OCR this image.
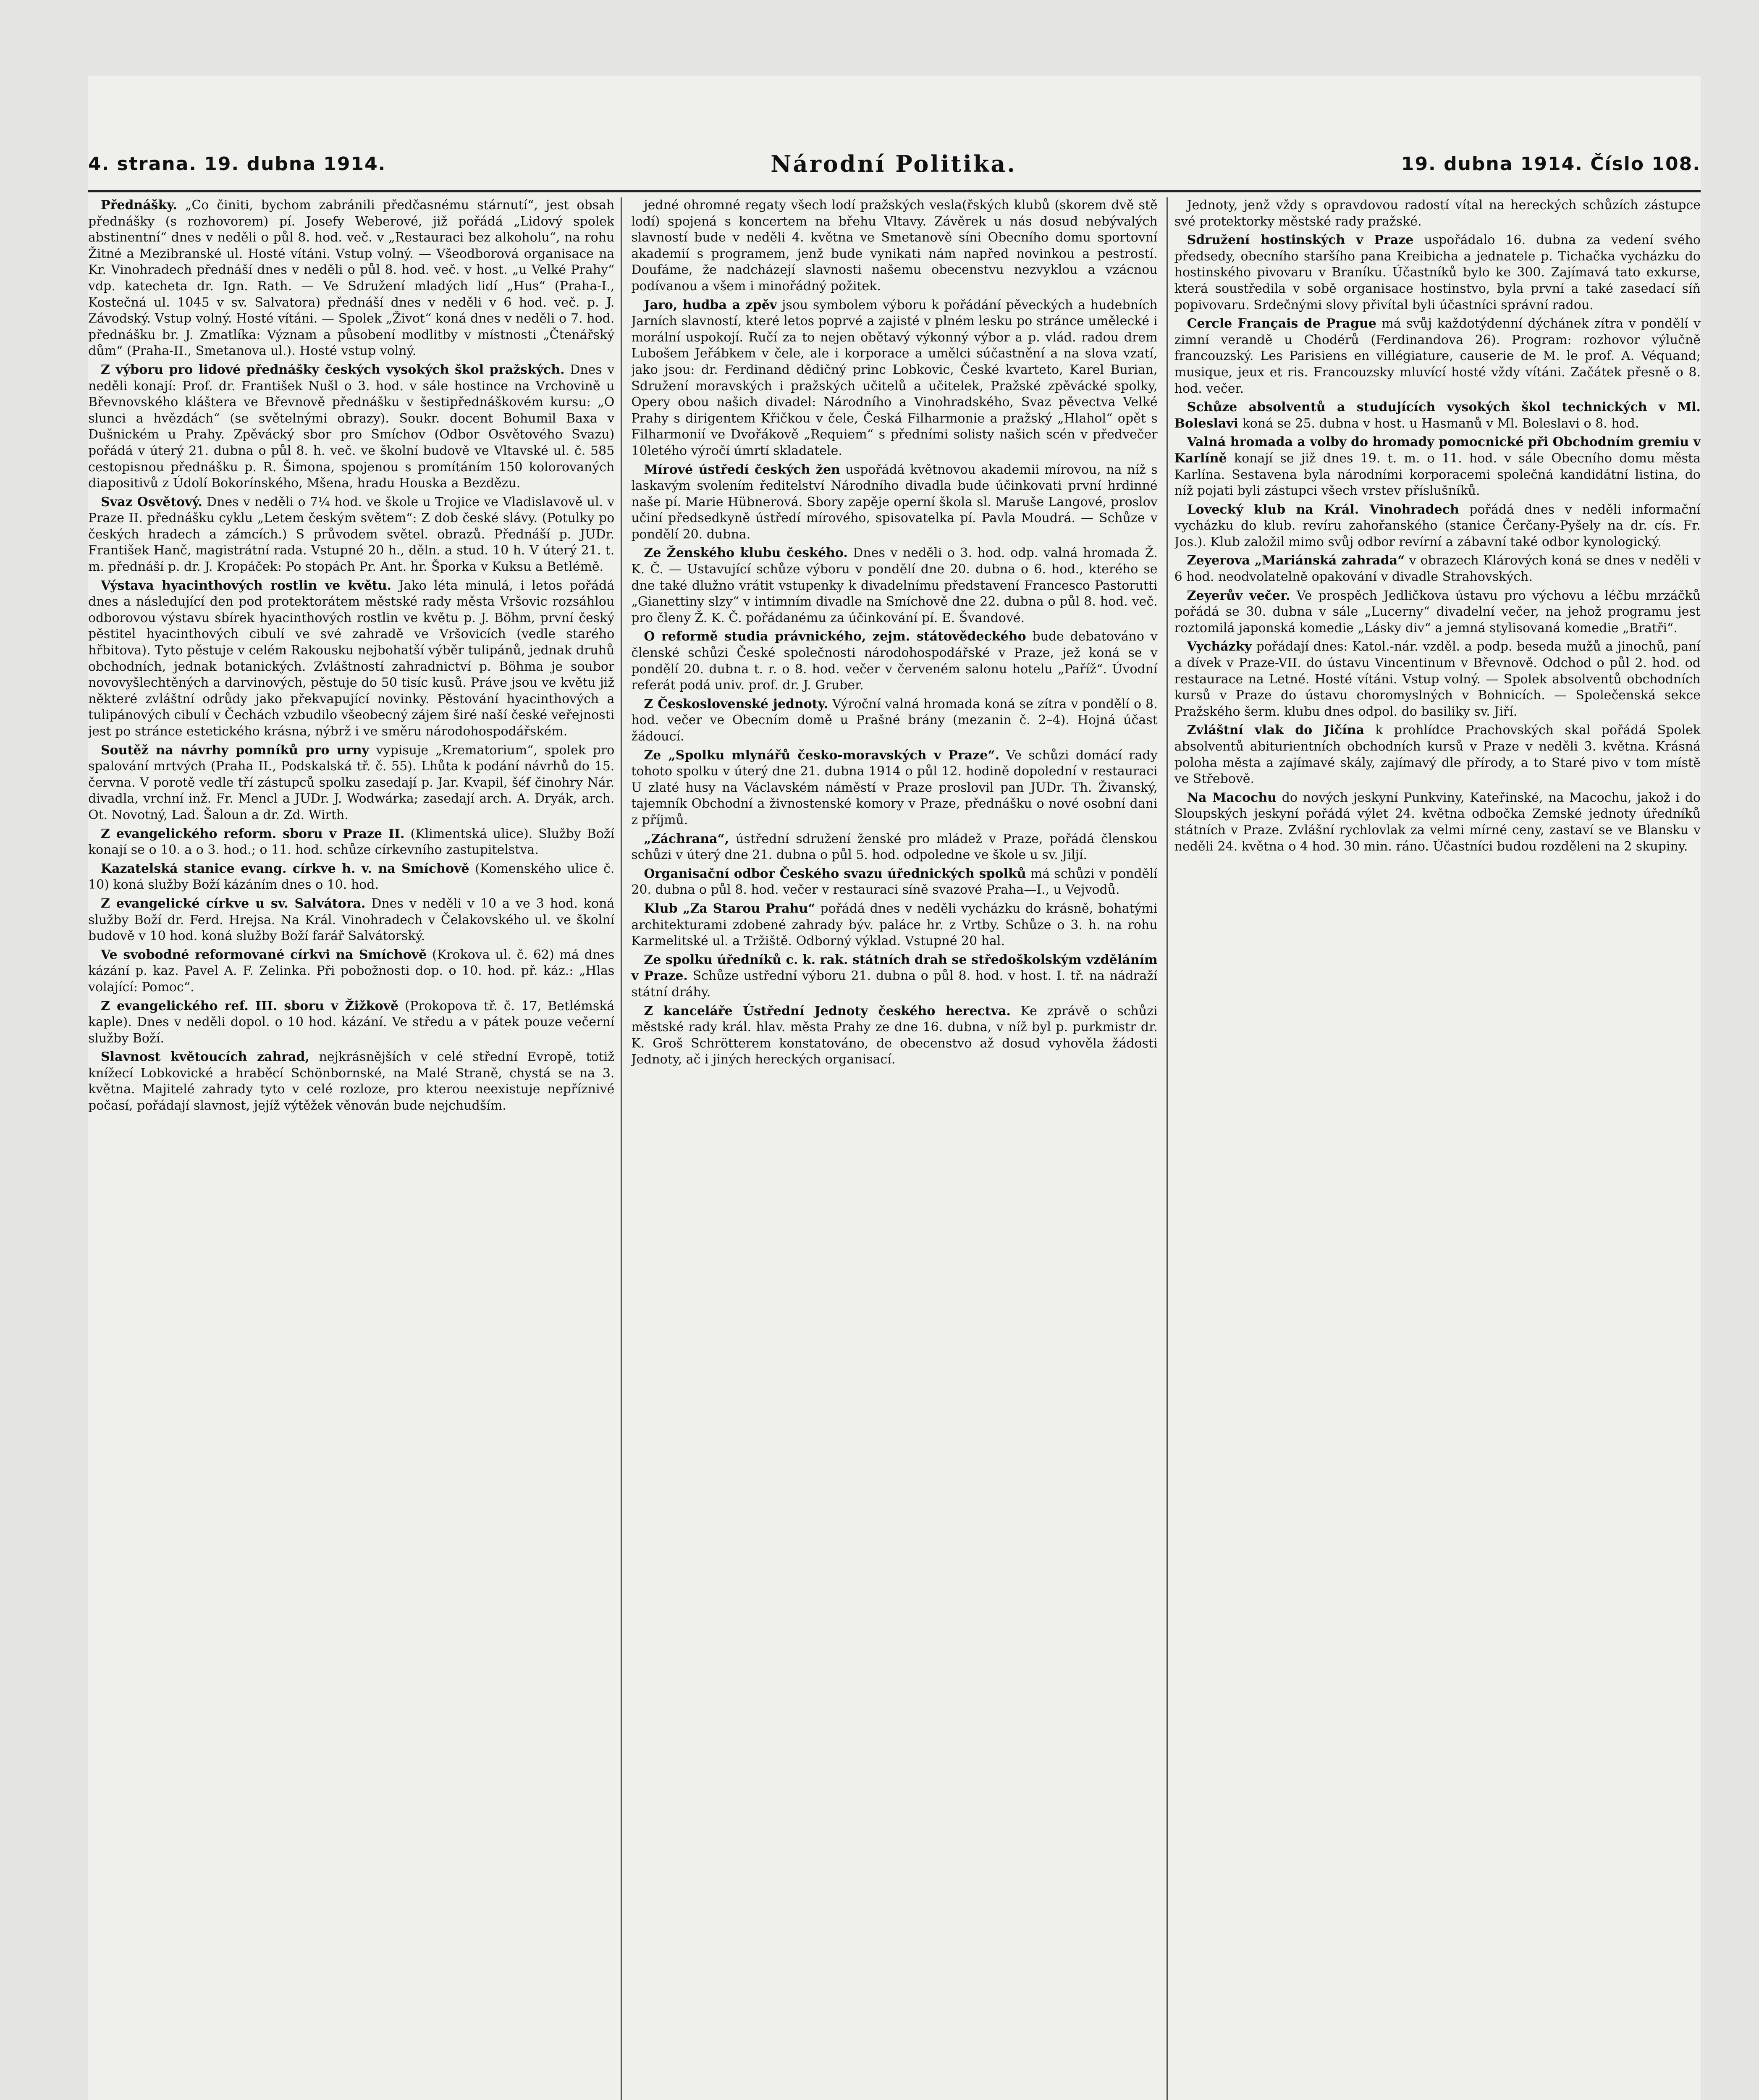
4. strana. 19. dubna 1914.	Národní Politika.	19. dubna 1914. Číslo 108.

Přednášky. „Co činiti, bychom zabránili předčasnému stárnutí“, jest obsah přednášky (s rozhovorem) pí. Josefy Weberové, již pořádá „Lidový spolek abstinentní“ dnes v neděli o půl 8. hod. več. v „Restauraci bez alkoholu“, na rohu Žitné a Mezibranské ul. Hosté vítáni. Vstup volný. — Všeodborová organisace na Kr. Vinohradech přednáší dnes v neděli o půl 8. hod. več. v host. „u Velké Prahy“ vdp. katecheta dr. Ign. Rath. — Ve Sdružení mladých lidí „Hus“ (Praha-I., Kostečná ul. 1045 v sv. Salvatora) přednáší dnes v neděli v 6 hod. več. p. J. Závodský. Vstup volný. Hosté vítáni. — Spolek „Život“ koná dnes v neděli o 7. hod. přednášku br. J. Zmatlíka: Význam a působení modlitby v místnosti „Čtenářský dům“ (Praha-II., Smetanova ul.). Hosté vstup volný.

Z výboru pro lidové přednášky českých vysokých škol pražských. Dnes v neděli konají: Prof. dr. František Nušl o 3. hod. v sále hostince na Vrchovině u Břevnovského kláštera ve Břevnově přednášku v šestipřednáškovém kursu: „O slunci a hvězdách“ (se světelnými obrazy). Soukr. docent Bohumil Baxa v Dušnickém u Prahy. Zpěvácký sbor pro Smíchov (Odbor Osvětového Svazu) pořádá v úterý 21. dubna o půl 8. h. več. ve školní budově ve Vltavské ul. č. 585 cestopisnou přednášku p. R. Šimona, spojenou s promítáním 150 kolorovaných diapositivů z Údolí Bokorínského, Mšena, hradu Houska a Bezdězu.

Svaz Osvětový. Dnes v neděli o 7¼ hod. ve škole u Trojice ve Vladislavově ul. v Praze II. přednášku cyklu „Letem českým světem“: Z dob české slávy. (Potulky po českých hradech a zámcích.) S průvodem světel. obrazů. Přednáší p. JUDr. František Hanč, magistrátní rada. Vstupné 20 h., děln. a stud. 10 h. V úterý 21. t. m. přednáší p. dr. J. Kropáček: Po stopách Pr. Ant. hr. Šporka v Kuksu a Betlémě.

Výstava hyacinthových rostlin ve květu. Jako léta minulá, i letos pořádá dnes a následující den pod protektorátem městské rady města Vršovic rozsáhlou odborovou výstavu sbírek hyacinthových rostlin ve květu p. J. Böhm, první český pěstitel hyacinthových cibulí ve své zahradě ve Vršovicích (vedle starého hřbitova). Tyto pěstuje v celém Rakousku nejbohatší výběr tulipánů, jednak druhů obchodních, jednak botanických. Zvláštností zahradnictví p. Böhma je soubor novovyšlechtěných a darvinových, pěstuje do 50 tisíc kusů. Práve jsou ve květu již některé zvláštní odrůdy jako překvapující novinky. Pěstování hyacinthových a tulipánových cibulí v Čechách vzbudilo všeobecný zájem širé naší české veřejnosti jest po stránce estetického krásna, nýbrž i ve směru národohospodářském.

Soutěž na návrhy pomníků pro urny vypisuje „Krematorium“, spolek pro spalování mrtvých (Praha II., Podskalská tř. č. 55). Lhůta k podání návrhů do 15. června. V porotě vedle tří zástupců spolku zasedají p. Jar. Kvapil, šéf činohry Nár. divadla, vrchní inž. Fr. Mencl a JUDr. J. Wodwárka; zasedají arch. A. Dryák, arch. Ot. Novotný, Lad. Šaloun a dr. Zd. Wirth.

Z evangelického reform. sboru v Praze II. (Klimentská ulice). Služby Boží konají se o 10. a o 3. hod.; o 11. hod. schůze církevního zastupitelstva.

Kazatelská stanice evang. církve h. v. na Smíchově (Komenského ulice č. 10) koná služby Boží kázáním dnes o 10. hod.

Z evangelické církve u sv. Salvátora. Dnes v neděli v 10 a ve 3 hod. koná služby Boží dr. Ferd. Hrejsa. Na Král. Vinohradech v Čelakovského ul. ve školní budově v 10 hod. koná služby Boží farář Salvátorský.

Ve svobodné reformované církvi na Smíchově (Krokova ul. č. 62) má dnes kázání p. kaz. Pavel A. F. Zelinka. Při pobožnosti dop. o 10. hod. př. káz.: „Hlas volající: Pomoc“.

Z evangelického ref. III. sboru v Žižkově (Prokopova tř. č. 17, Betlémská kaple). Dnes v neděli dopol. o 10 hod. kázání. Ve středu a v pátek pouze večerní služby Boží.

Slavnost květoucích zahrad, nejkrásnějších v celé střední Evropě, totiž knížecí Lobkovické a hraběcí Schönbornské, na Malé Straně, chystá se na 3. května. Majitelé zahrady tyto v celé rozloze, pro kterou neexistuje nepříznivé počasí, pořádají slavnost, jejíž výtěžek věnován bude nejchudším.

jedné ohromné regaty všech lodí pražských vesla(řských klubů (skorem dvě stě lodí) spojená s koncertem na břehu Vltavy. Závěrek u nás dosud nebývalých slavností bude v neděli 4. května ve Smetanově síni Obecního domu sportovní akademií s programem, jenž bude vynikati nám napřed novinkou a pestrostí. Doufáme, že nadcházejí slavnosti našemu obecenstvu nezvyklou a vzácnou podívanou a všem i minořádný požitek.

Jaro, hudba a zpěv jsou symbolem výboru k pořádání pěveckých a hudebních Jarních slavností, které letos poprvé a zajisté v plném lesku po stránce umělecké i morální uspokojí. Ručí za to nejen obětavý výkonný výbor a p. vlád. radou drem Lubošem Jeřábkem v čele, ale i korporace a umělci súčastnění a na slova vzatí, jako jsou: dr. Ferdinand dědičný princ Lobkovic, České kvarteto, Karel Burian, Sdružení moravských i pražských učitelů a učitelek, Pražské zpěvácké spolky, Opery obou našich divadel: Národního a Vinohradského, Svaz pěvectva Velké Prahy s dirigentem Křičkou v čele, Česká Filharmonie a pražský „Hlahol“ opět s Filharmonií ve Dvořákově „Requiem“ s předními solisty našich scén v předvečer 10letého výročí úmrtí skladatele.

Mírové ústředí českých žen uspořádá květnovou akademii mírovou, na níž s laskavým svolením ředitelství Národního divadla bude účinkovati první hrdinné naše pí. Marie Hübnerová. Sbory zapěje operní škola sl. Maruše Langové, proslov učiní předsedkyně ústředí mírového, spisovatelka pí. Pavla Moudrá. — Schůze v pondělí 20. dubna.

Ze Ženského klubu českého. Dnes v neděli o 3. hod. odp. valná hromada Ž. K. Č. — Ustavující schůze výboru v pondělí dne 20. dubna o 6. hod., kterého se dne také dlužno vrátit vstupenky k divadelnímu představení Francesco Pastorutti „Gianettiny slzy“ v intimním divadle na Smíchově dne 22. dubna o půl 8. hod. več. pro členy Ž. K. Č. pořádanému za účinkování pí. E. Švandové.

O reformě studia právnického, zejm. státovědeckého bude debatováno v členské schůzi České společnosti národohospodářské v Praze, jež koná se v pondělí 20. dubna t. r. o 8. hod. večer v červeném salonu hotelu „Paříž“. Úvodní referát podá univ. prof. dr. J. Gruber.

Z Československé jednoty. Výroční valná hromada koná se zítra v pondělí o 8. hod. večer ve Obecním domě u Prašné brány (mezanin č. 2–4). Hojná účast žádoucí.

Ze „Spolku mlynářů česko-moravských v Praze“. Ve schůzi domácí rady tohoto spolku v úterý dne 21. dubna 1914 o půl 12. hodině dopolední v restauraci U zlaté husy na Václavském náměstí v Praze proslovil pan JUDr. Th. Živanský, tajemník Obchodní a živnostenské komory v Praze, přednášku o nové osobní dani z příjmů.

„Záchrana“, ústřední sdružení ženské pro mládež v Praze, pořádá členskou schůzi v úterý dne 21. dubna o půl 5. hod. odpoledne ve škole u sv. Jiljí.

Organisační odbor Českého svazu úřednických spolků má schůzi v pondělí 20. dubna o půl 8. hod. večer v restauraci síně svazové Praha—I., u Vejvodů.

Klub „Za Starou Prahu“ pořádá dnes v neděli vycházku do krásně, bohatými architekturami zdobené zahrady býv. paláce hr. z Vrtby. Schůze o 3. h. na rohu Karmelitské ul. a Tržiště. Odborný výklad. Vstupné 20 hal.

Ze spolku úředníků c. k. rak. státních drah se středoškolským vzděláním v Praze. Schůze ustřední výboru 21. dubna o půl 8. hod. v host. I. tř. na nádraží státní dráhy.

Z kanceláře Ústřední Jednoty českého herectva. Ke zprávě o schůzi městské rady král. hlav. města Prahy ze dne 16. dubna, v níž byl p. purkmistr dr. K. Groš Schrötterem konstatováno, de obecenstvo až dosud vyhověla žádosti Jednoty, ač i jiných hereckých organisací.

Jednoty, jenž vždy s opravdovou radostí vítal na hereckých schůzích zástupce své protektorky městské rady pražské.

Sdružení hostinských v Praze uspořádalo 16. dubna za vedení svého předsedy, obecního staršího pana Kreibicha a jednatele p. Tichačka vycházku do hostinského pivovaru v Braníku. Účastníků bylo ke 300. Zajímavá tato exkurse, která soustředila v sobě organisace hostinstvo, byla první a také zasedací síň popivovaru. Srdečnými slovy přivítal byli účastníci správní radou.

Cercle Français de Prague má svůj každotýdenní dýchánek zítra v pondělí v zimní verandě u Chodérů (Ferdinandova 26). Program: rozhovor výlučně francouzský. Les Parisiens en villégiature, causerie de M. le prof. A. Véquand; musique, jeux et ris. Francouzsky mluvící hosté vždy vítáni. Začátek přesně o 8. hod. večer.

Schůze absolventů a studujících vysokých škol technických v Ml. Boleslavi koná se 25. dubna v host. u Hasmanů v Ml. Boleslavi o 8. hod.

Valná hromada a volby do hromady pomocnické při Obchodním gremiu v Karlíně konají se již dnes 19. t. m. o 11. hod. v sále Obecního domu města Karlína. Sestavena byla národními korporacemi společná kandidátní listina, do níž pojati byli zástupci všech vrstev příslušníků.

Lovecký klub na Král. Vinohradech pořádá dnes v neděli informační vycházku do klub. revíru zahořanského (stanice Čerčany-Pyšely na dr. cís. Fr. Jos.). Klub založil mimo svůj odbor revírní a zábavní také odbor kynologický.

Zeyerova „Mariánská zahrada“ v obrazech Klárových koná se dnes v neděli v 6 hod. neodvolatelně opakování v divadle Strahovských.

Zeyerův večer. Ve prospěch Jedličkova ústavu pro výchovu a léčbu mrzáčků pořádá se 30. dubna v sále „Lucerny“ divadelní večer, na jehož programu jest roztomilá japonská komedie „Lásky div“ a jemná stylisovaná komedie „Bratři“.

Vycházky pořádají dnes: Katol.-nár. vzděl. a podp. beseda mužů a jinochů, paní a dívek v Praze-VII. do ústavu Vincentinum v Břevnově. Odchod o půl 2. hod. od restaurace na Letné. Hosté vítáni. Vstup volný. — Spolek absolventů obchodních kursů v Praze do ústavu choromyslných v Bohnicích. — Společenská sekce Pražského šerm. klubu dnes odpol. do basiliky sv. Jiří.

Zvláštní vlak do Jičína k prohlídce Prachovských skal pořádá Spolek absolventů abiturientních obchodních kursů v Praze v neděli 3. května. Krásná poloha města a zajímavé skály, zajímavý dle přírody, a to Staré pivo v tom místě ve Střebově.

Na Macochu do nových jeskyní Punkviny, Kateřinské, na Macochu, jakož i do Sloupských jeskyní pořádá výlet 24. května odbočka Zemské jednoty úředníků státních v Praze. Zvlášní rychlovlak za velmi mírné ceny, zastaví se ve Blansku v neděli 24. května o 4 hod. 30 min. ráno. Účastníci budou rozděleni na 2 skupiny.
